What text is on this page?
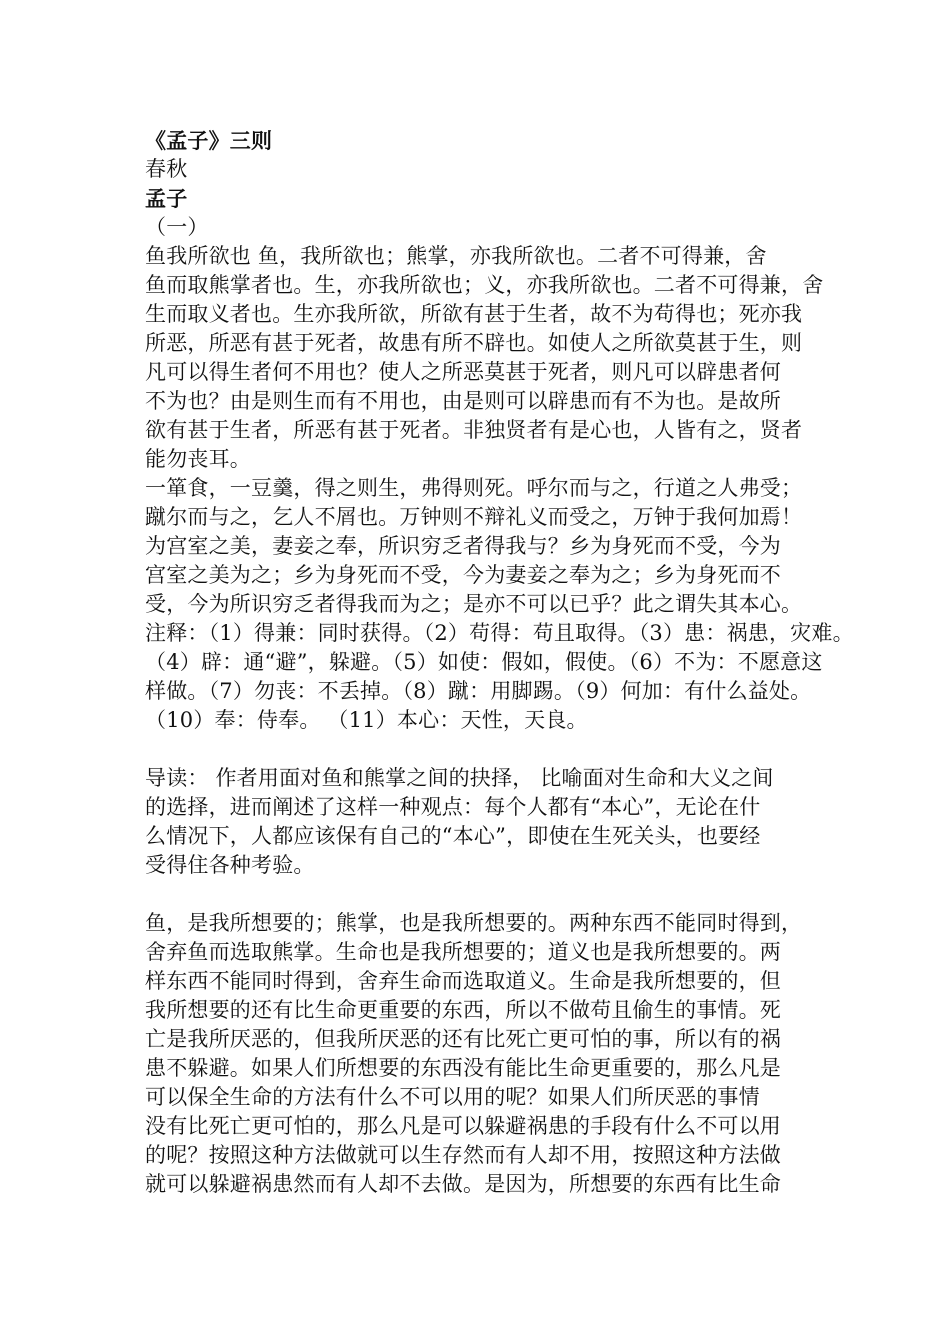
《孟子》三则
春秋
孟子
（一）
鱼我所欲也 鱼，我所欲也；熊掌，亦我所欲也。二者不可得兼，舍
鱼而取熊掌者也。生，亦我所欲也；义，亦我所欲也。二者不可得兼，舍
生而取义者也。生亦我所欲，所欲有甚于生者，故不为苟得也；死亦我
所恶，所恶有甚于死者，故患有所不辟也。如使人之所欲莫甚于生，则
凡可以得生者何不用也？使人之所恶莫甚于死者，则凡可以辟患者何
不为也？由是则生而有不用也，由是则可以辟患而有不为也。是故所
欲有甚于生者，所恶有甚于死者。非独贤者有是心也，人皆有之，贤者
能勿丧耳。
一箪食，一豆羹，得之则生，弗得则死。呼尔而与之，行道之人弗受；
蹴尔而与之，乞人不屑也。万钟则不辩礼义而受之，万钟于我何加焉！
为宫室之美，妻妾之奉，所识穷乏者得我与？乡为身死而不受，今为
宫室之美为之；乡为身死而不受，今为妻妾之奉为之；乡为身死而不
受，今为所识穷乏者得我而为之；是亦不可以已乎？此之谓失其本心。
注释：（1）得兼：同时获得。（2）苟得：苟且取得。（3）患：祸患，灾难。
（4）辟：通“避”，躲避。（5）如使：假如，假使。（6）不为：不愿意这
样做。（7）勿丧：不丢掉。（8）蹴：用脚踢。（9）何加：有什么益处。
（10）奉：侍奉。 （11）本心：天性，天良。
导读： 作者用面对鱼和熊掌之间的抉择， 比喻面对生命和大义之间
的选择，进而阐述了这样一种观点：每个人都有“本心”，无论在什
么情况下，人都应该保有自己的“本心”，即使在生死关头，也要经
受得住各种考验。
鱼，是我所想要的；熊掌，也是我所想要的。两种东西不能同时得到，
舍弃鱼而选取熊掌。生命也是我所想要的；道义也是我所想要的。两
样东西不能同时得到，舍弃生命而选取道义。生命是我所想要的，但
我所想要的还有比生命更重要的东西，所以不做苟且偷生的事情。死
亡是我所厌恶的，但我所厌恶的还有比死亡更可怕的事，所以有的祸
患不躲避。如果人们所想要的东西没有能比生命更重要的，那么凡是
可以保全生命的方法有什么不可以用的呢？如果人们所厌恶的事情
没有比死亡更可怕的，那么凡是可以躲避祸患的手段有什么不可以用
的呢？按照这种方法做就可以生存然而有人却不用，按照这种方法做
就可以躲避祸患然而有人却不去做。是因为，所想要的东西有比生命
